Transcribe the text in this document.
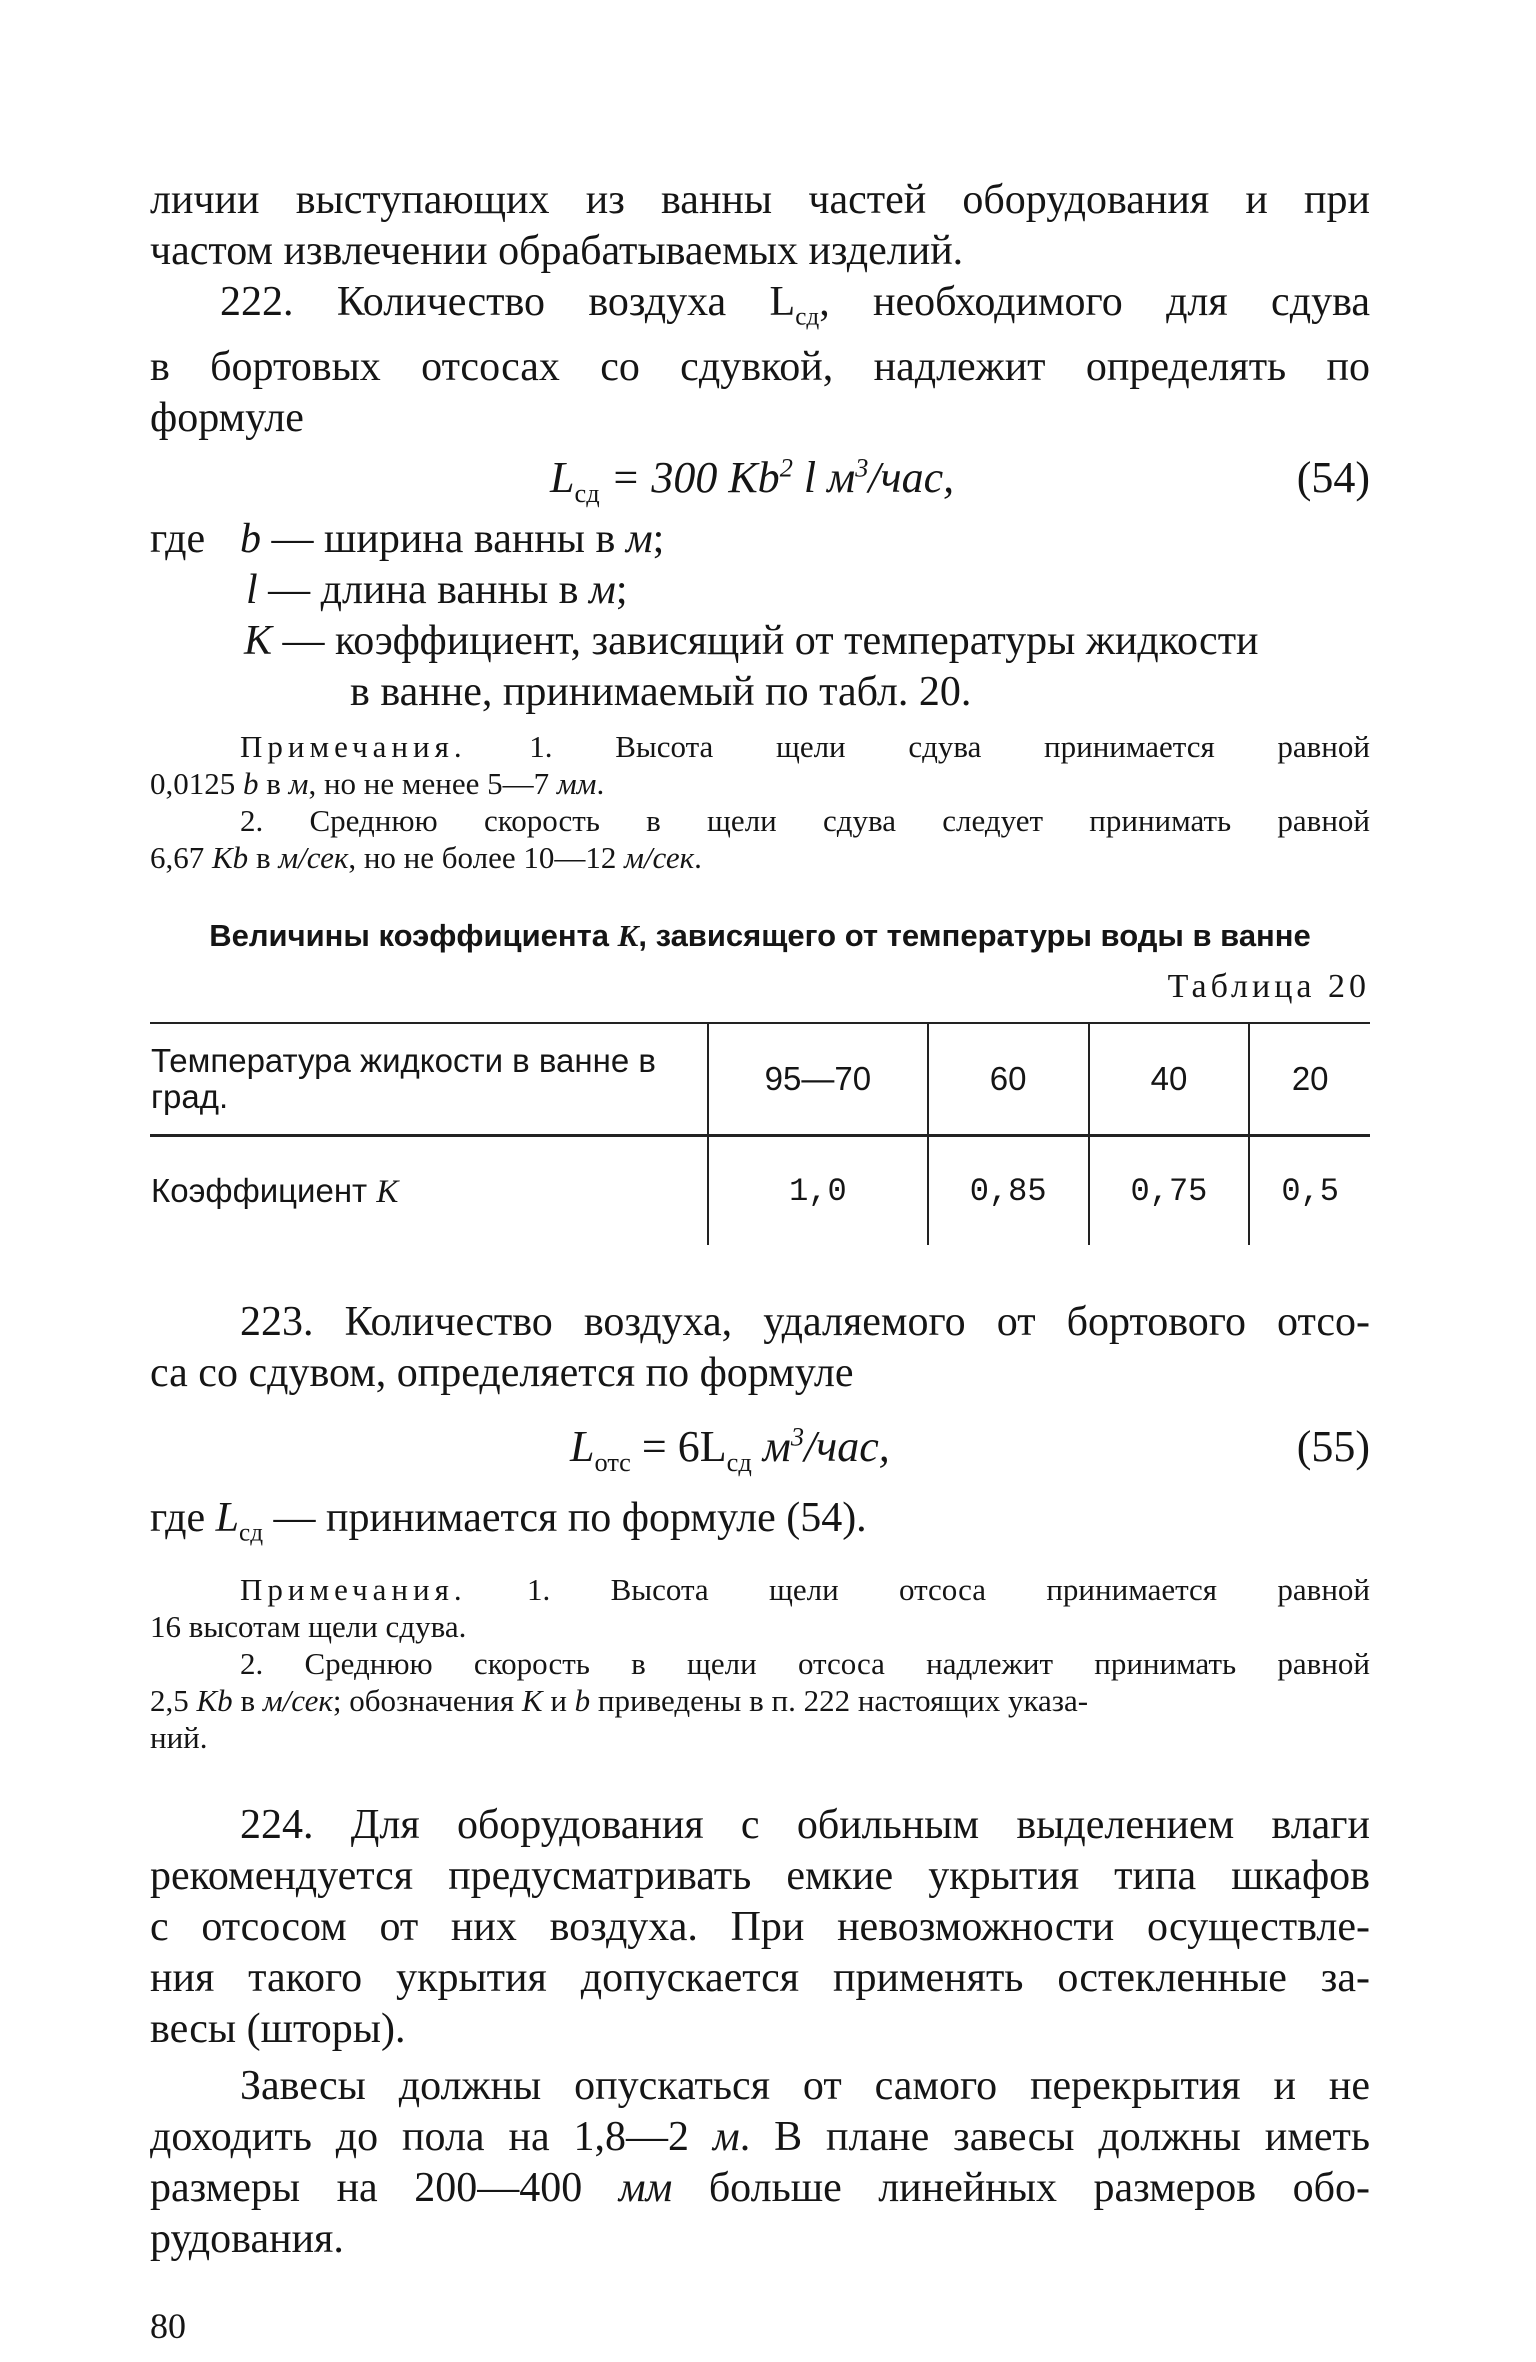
личии выступающих из ванны частей оборудования и при
частом извлечении обрабатываемых изделий.
222. Количество воздуха $L_{сд}$, необходимого для сдува
в бортовых отсосах со сдувкой, надлежит определять по
формуле
$L_{сд} = 300$ Kb$^2$ l $м^3$/час,	(54)
где b — ширина ванны в м;
l — длина ванны в м;
K — коэффициент, зависящий от температуры жидкости
в ванне, принимаемый по табл. 20.
Примечания. 1. Высота щели сдува принимается равной
0,0125 b в м, но не менее 5—7 мм.
2. Среднюю скорость в щели сдува следует принимать равной
6,67 Kb в м/сек, но не более 10—12 м/сек.
Величины коэффициента K, зависящего от температуры воды в ванне
Таблица 20
Температура жидкости в ванне в град.	95—70	60	40	20
Коэффициент K	1,0	0,85	0,75	0,5
223. Количество воздуха, удаляемого от бортового отсо-
са со сдувом, определяется по формуле
$L_{отс} = 6L_{сд}$ $м^3$/час,	(55)
где $L_{сд}$ — принимается по формуле (54).
Примечания. 1. Высота щели отсоса принимается равной
16 высотам щели сдува.
2. Среднюю скорость в щели отсоса надлежит принимать равной
2,5 Kb в м/сек; обозначения K и b приведены в п. 222 настоящих указа-
ний.
224. Для оборудования с обильным выделением влаги
рекомендуется предусматривать емкие укрытия типа шкафов
с отсосом от них воздуха. При невозможности осуществле-
ния такого укрытия допускается применять остекленные за-
весы (шторы).
Завесы должны опускаться от самого перекрытия и не
доходить до пола на 1,8—2 м. В плане завесы должны иметь
размеры на 200—400 мм больше линейных размеров обо-
рудования.
80
